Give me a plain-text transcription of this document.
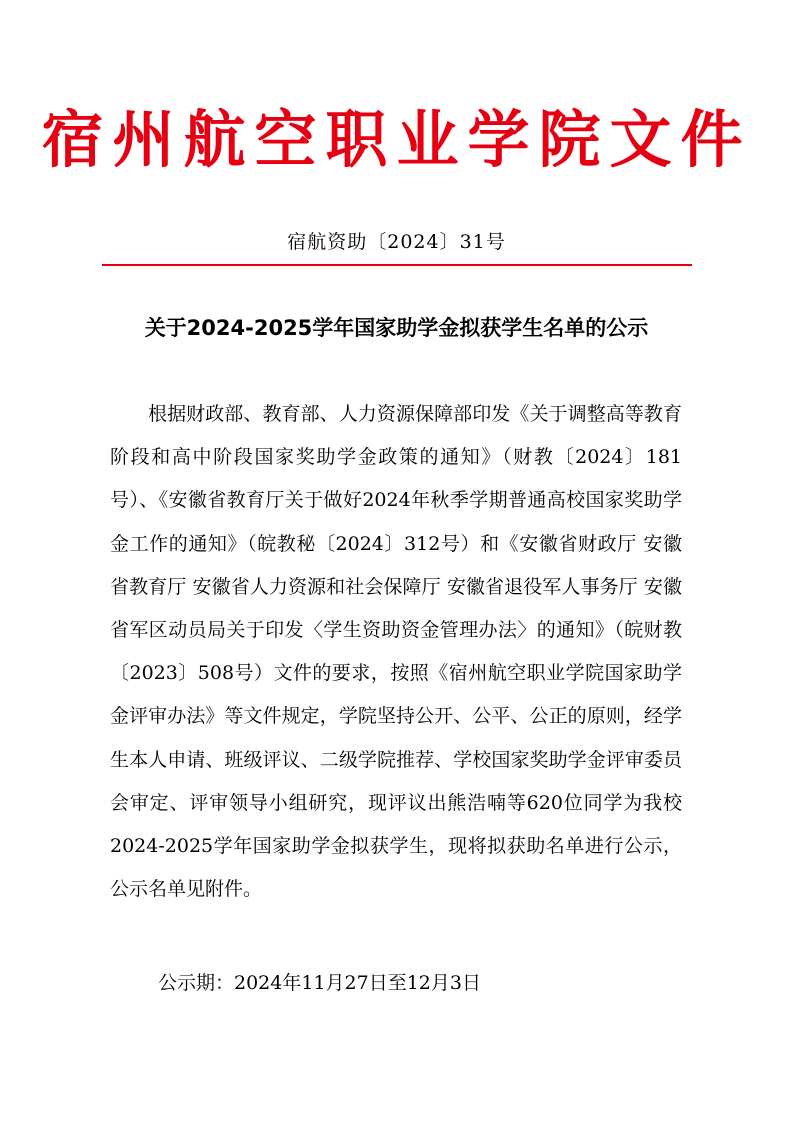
宿州航空职业学院文件
宿航资助〔2024〕31号
关于2024-2025学年国家助学金拟获学生名单的公示

根据财政部、教育部、人力资源保障部印发《关于调整高等教育阶段和高中阶段国家奖助学金政策的通知》（财教〔2024〕181号）、《安徽省教育厅关于做好2024年秋季学期普通高校国家奖助学金工作的通知》（皖教秘〔2024〕312号）和《安徽省财政厅 安徽省教育厅 安徽省人力资源和社会保障厅 安徽省退役军人事务厅 安徽省军区动员局关于印发〈学生资助资金管理办法〉的通知》（皖财教〔2023〕508号）文件的要求，按照《宿州航空职业学院国家助学金评审办法》等文件规定，学院坚持公开、公平、公正的原则，经学生本人申请、班级评议、二级学院推荐、学校国家奖助学金评审委员会审定、评审领导小组研究，现评议出熊浩喃等620位同学为我校 2024-2025学年国家助学金拟获学生，现将拟获助名单进行公示，公示名单见附件。

公示期：2024年11月27日至12月3日
